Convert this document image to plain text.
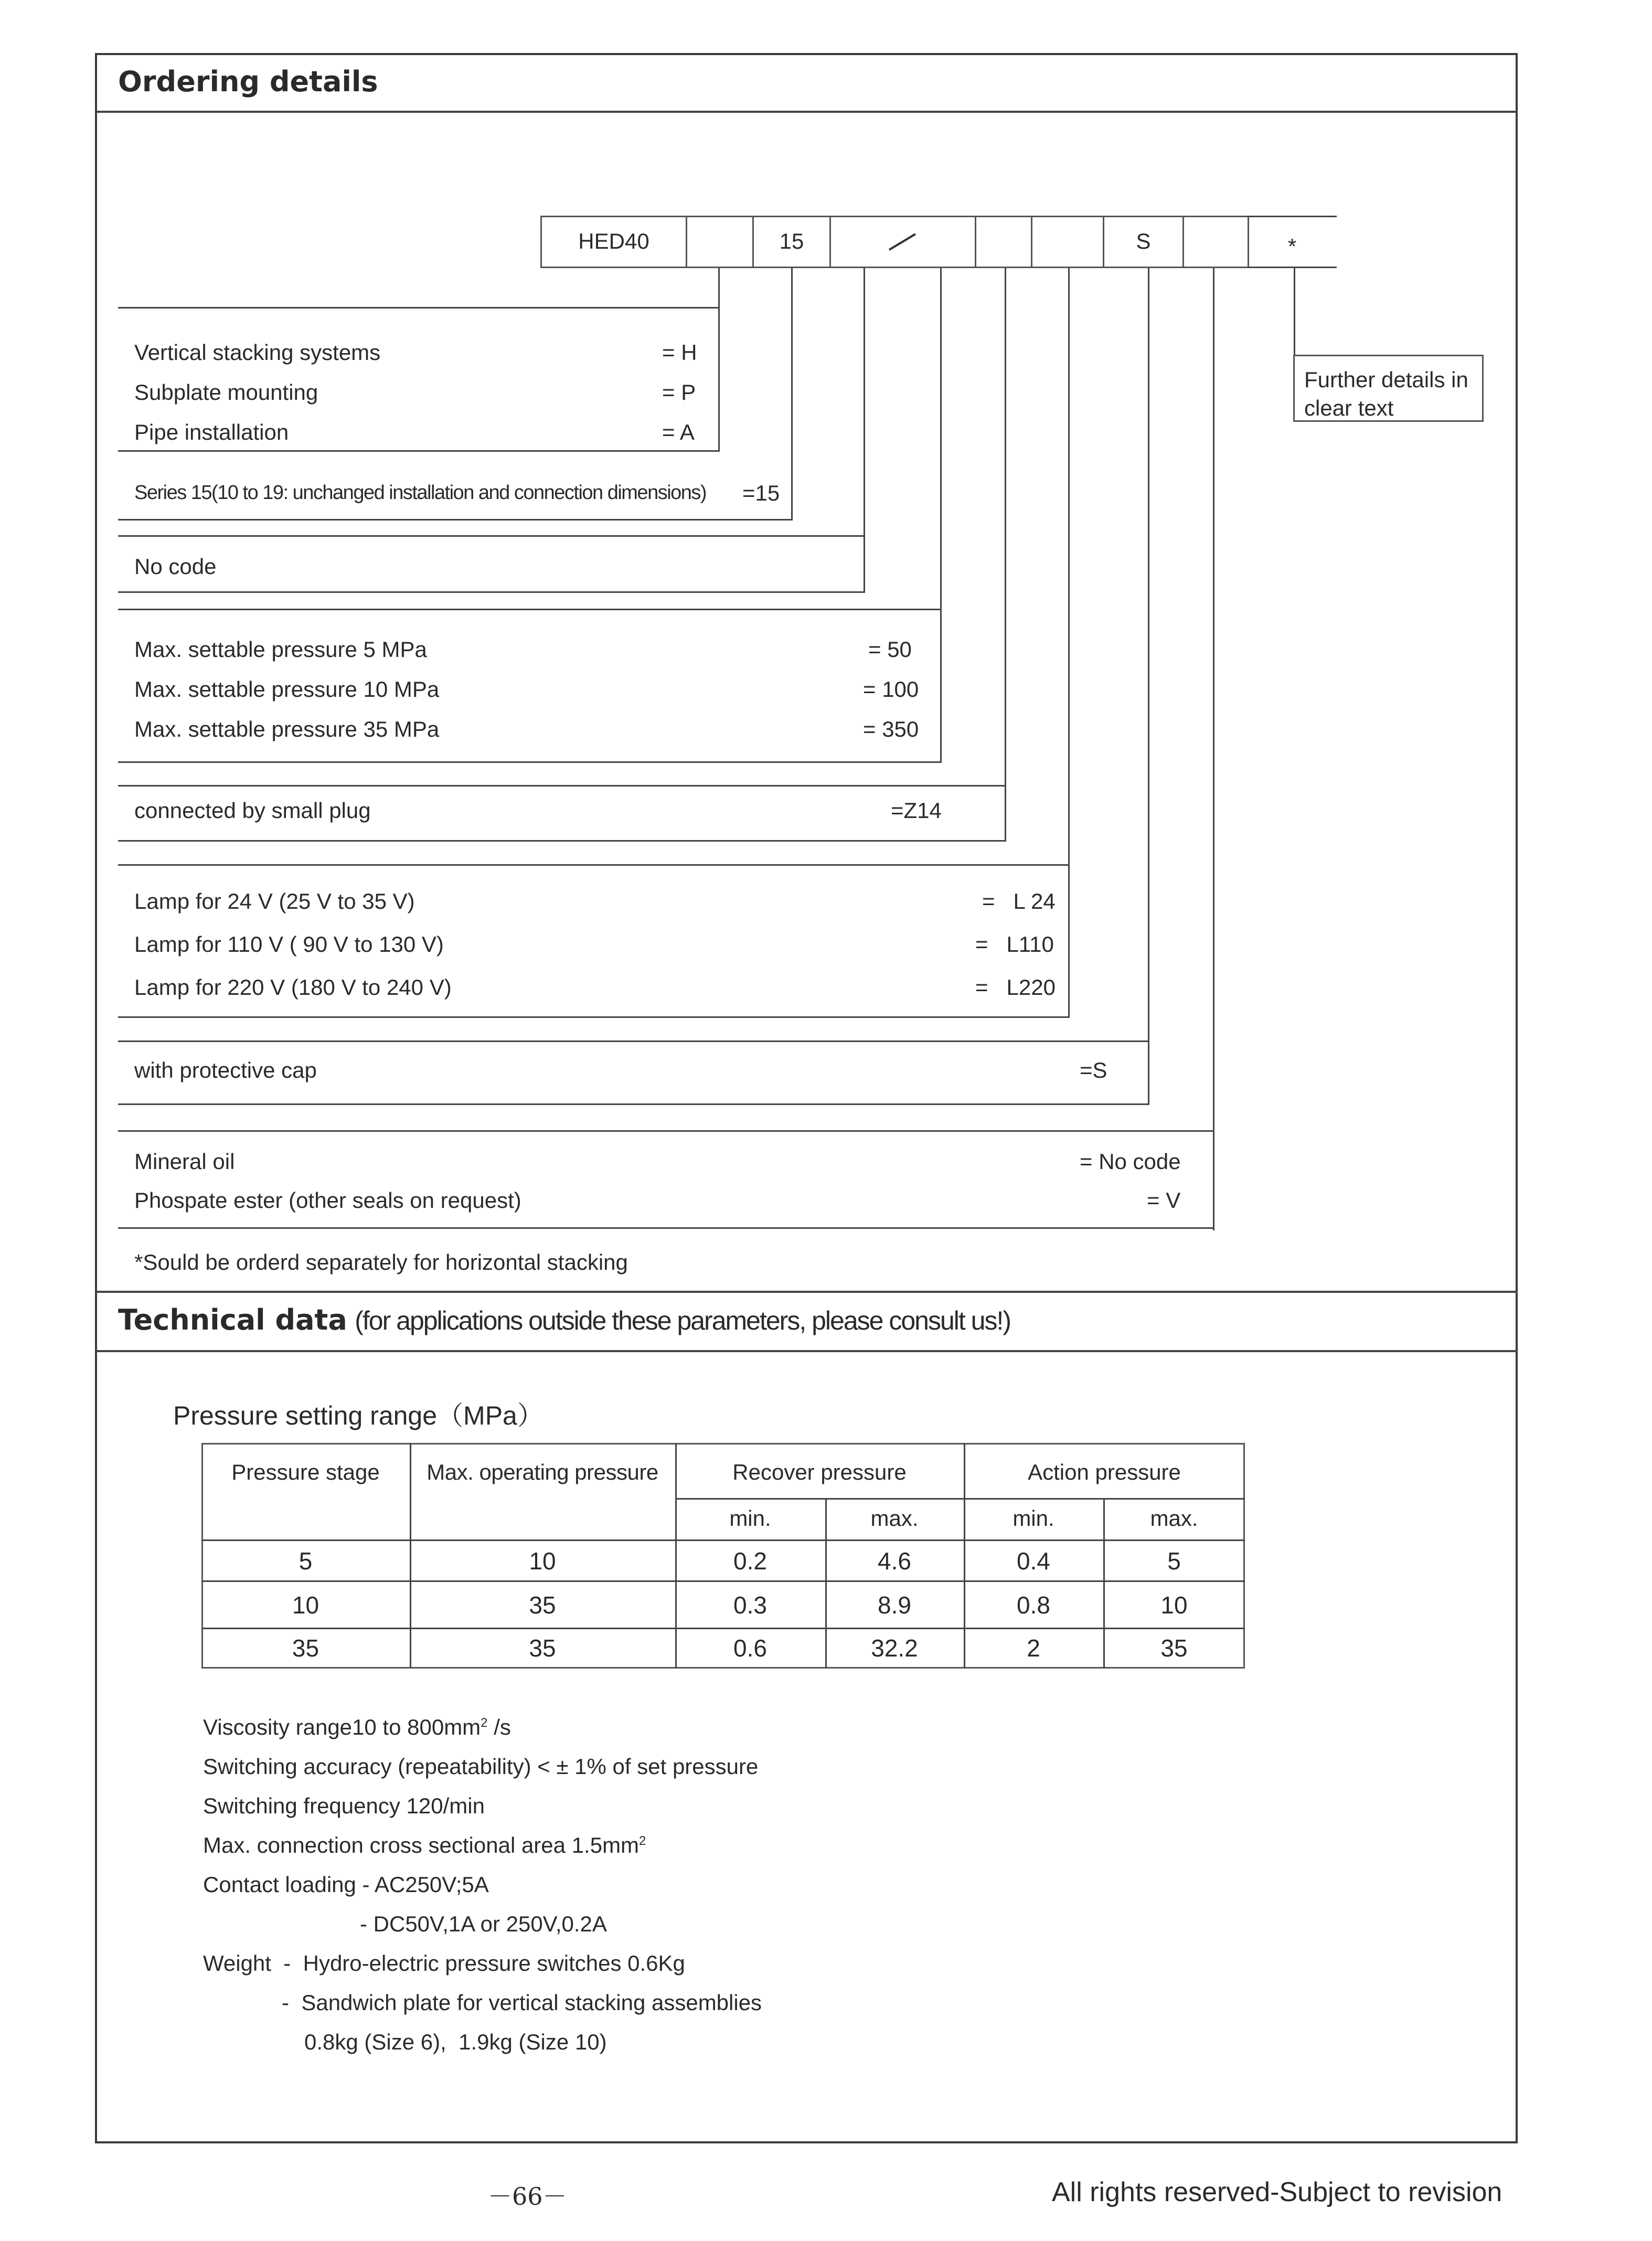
Ordering details
HED40	15	S	*
Further details in
clear text
Vertical stacking systems	= H
Subplate mounting	= P
Pipe installation	= A
Series 15(10 to 19: unchanged installation and connection dimensions) =15
No code
Max. settable pressure 5 MPa	= 50
Max. settable pressure 10 MPa	= 100
Max. settable pressure 35 MPa	= 350
connected by small plug	=Z14
Lamp for 24 V (25 V to 35 V)	=   L 24
Lamp for 110 V ( 90 V to 130 V)	=   L110
Lamp for 220 V (180 V to 240 V)	=   L220
with protective cap	=S
Mineral oil	= No code
Phospate ester (other seals on request)	= V
*Sould be orderd separately for horizontal stacking
Technical data (for applications outside these parameters, please consult us!)
Pressure setting range（MPa）
Pressure stage	Max. operating pressure	Recover pressure	Action pressure
min.	max.	min.	max.
5	10	0.2	4.6	0.4	5
10	35	0.3	8.9	0.8	10
35	35	0.6	32.2	2	35
Viscosity range10 to $800mm^2$ /s
Switching accuracy (repeatability) < ± 1% of set pressure
Switching frequency 120/min
Max. connection cross sectional area $1.5mm^2$
Contact loading - AC250V;5A
- DC50V,1A or 250V,0.2A
Weight  -  Hydro-electric pressure switches 0.6Kg
-  Sandwich plate for vertical stacking assemblies
0.8kg (Size 6),  1.9kg (Size 10)
－66－	All rights reserved-Subject to revision
